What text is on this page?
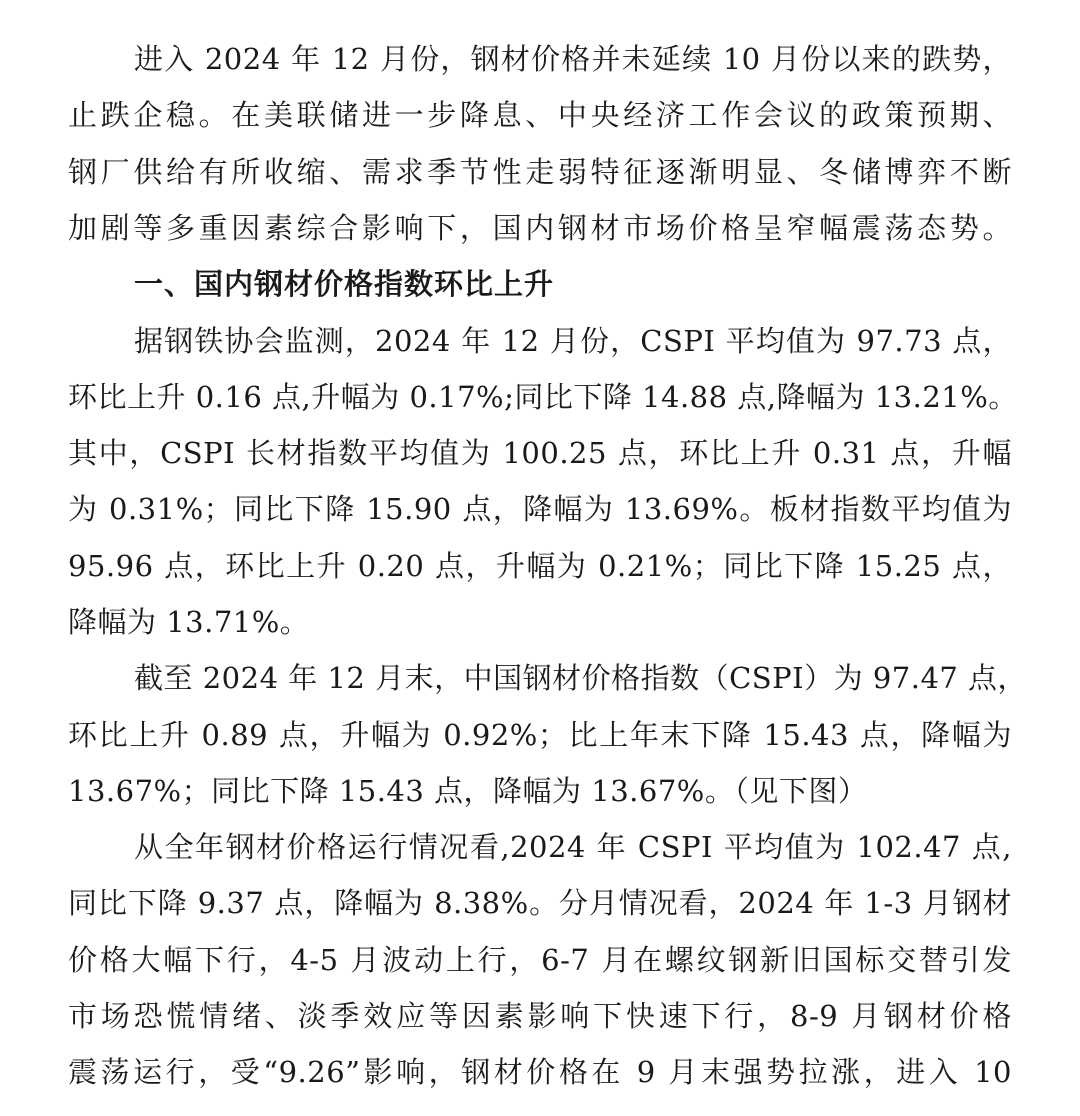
进入 2024 年 12 月份，钢材价格并未延续 10 月份以来的跌势，
止跌企稳。在美联储进一步降息、中央经济工作会议的政策预期、
钢厂供给有所收缩、需求季节性走弱特征逐渐明显、冬储博弈不断
加剧等多重因素综合影响下，国内钢材市场价格呈窄幅震荡态势。
一、国内钢材价格指数环比上升
据钢铁协会监测，2024 年 12 月份，CSPI 平均值为 97.73 点，
环比上升 0.16 点,升幅为 0.17%;同比下降 14.88 点,降幅为 13.21%。
其中，CSPI 长材指数平均值为 100.25 点，环比上升 0.31 点，升幅
为 0.31%；同比下降 15.90 点，降幅为 13.69%。板材指数平均值为
95.96 点，环比上升 0.20 点，升幅为 0.21%；同比下降 15.25 点，
降幅为 13.71%。
截至 2024 年 12 月末，中国钢材价格指数（CSPI）为 97.47 点，
环比上升 0.89 点，升幅为 0.92%；比上年末下降 15.43 点，降幅为
13.67%；同比下降 15.43 点，降幅为 13.67%。（见下图）
从全年钢材价格运行情况看,2024 年 CSPI 平均值为 102.47 点,
同比下降 9.37 点，降幅为 8.38%。分月情况看，2024 年 1-3 月钢材
价格大幅下行，4-5 月波动上行，6-7 月在螺纹钢新旧国标交替引发
市场恐慌情绪、淡季效应等因素影响下快速下行，8-9 月钢材价格
震荡运行，受“9.26”影响，钢材价格在 9 月末强势拉涨，进入 10
